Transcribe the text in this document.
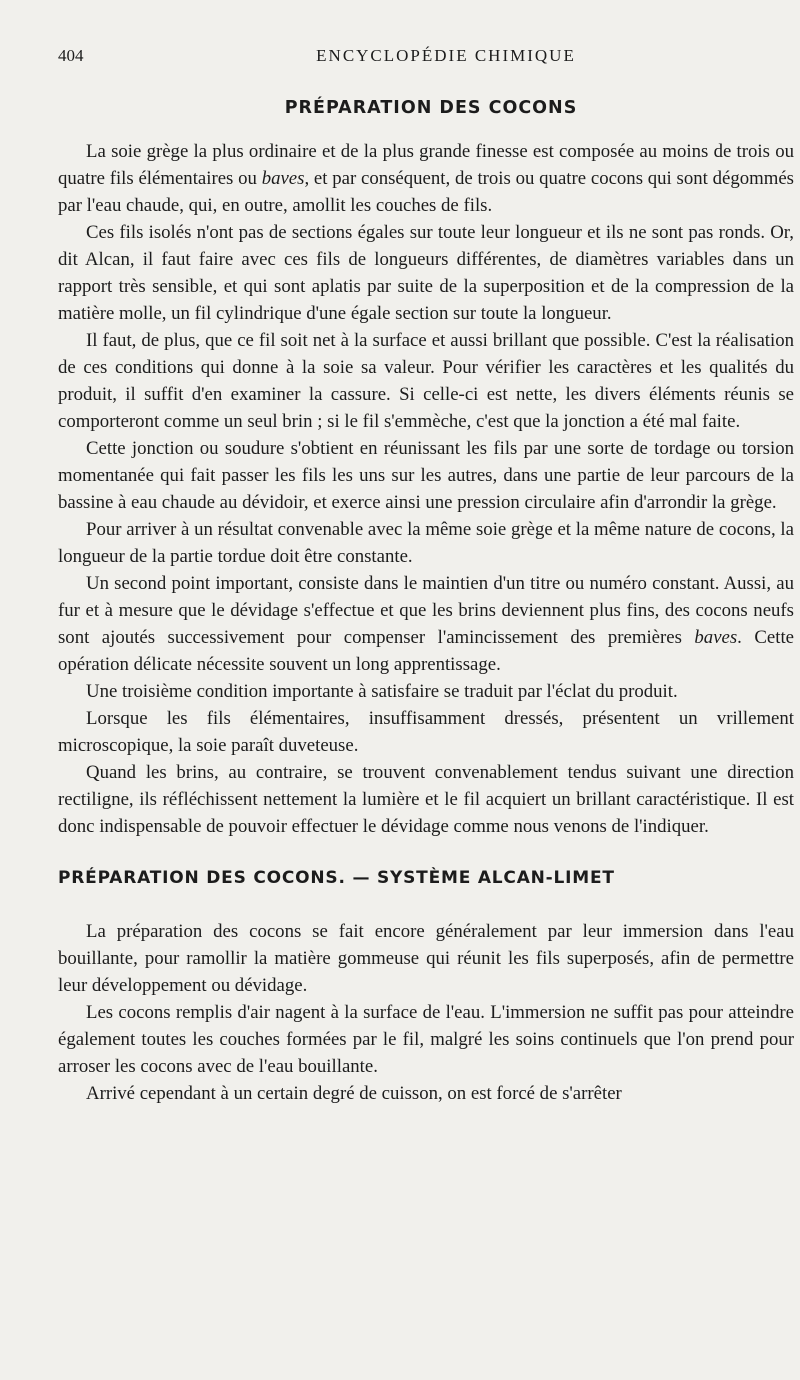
404	ENCYCLOPÉDIE CHIMIQUE
PRÉPARATION DES COCONS

La soie grège la plus ordinaire et de la plus grande finesse est composée au moins de trois ou quatre fils élémentaires ou baves, et par conséquent, de trois ou quatre cocons qui sont dégommés par l'eau chaude, qui, en outre, amollit les couches de fils.

Ces fils isolés n'ont pas de sections égales sur toute leur longueur et ils ne sont pas ronds. Or, dit Alcan, il faut faire avec ces fils de longueurs différentes, de diamètres variables dans un rapport très sensible, et qui sont aplatis par suite de la superposition et de la compression de la matière molle, un fil cylindrique d'une égale section sur toute la longueur.

Il faut, de plus, que ce fil soit net à la surface et aussi brillant que possible. C'est la réalisation de ces conditions qui donne à la soie sa valeur. Pour vérifier les caractères et les qualités du produit, il suffit d'en examiner la cassure. Si celle-ci est nette, les divers éléments réunis se comporteront comme un seul brin ; si le fil s'emmèche, c'est que la jonction a été mal faite.

Cette jonction ou soudure s'obtient en réunissant les fils par une sorte de tordage ou torsion momentanée qui fait passer les fils les uns sur les autres, dans une partie de leur parcours de la bassine à eau chaude au dévidoir, et exerce ainsi une pression circulaire afin d'arrondir la grège.

Pour arriver à un résultat convenable avec la même soie grège et la même nature de cocons, la longueur de la partie tordue doit être constante.

Un second point important, consiste dans le maintien d'un titre ou numéro constant. Aussi, au fur et à mesure que le dévidage s'effectue et que les brins deviennent plus fins, des cocons neufs sont ajoutés successivement pour compenser l'amincissement des premières baves. Cette opération délicate nécessite souvent un long apprentissage.

Une troisième condition importante à satisfaire se traduit par l'éclat du produit.

Lorsque les fils élémentaires, insuffisamment dressés, présentent un vrillement microscopique, la soie paraît duveteuse.

Quand les brins, au contraire, se trouvent convenablement tendus suivant une direction rectiligne, ils réfléchissent nettement la lumière et le fil acquiert un brillant caractéristique. Il est donc indispensable de pouvoir effectuer le dévidage comme nous venons de l'indiquer.

PRÉPARATION DES COCONS. — SYSTÈME ALCAN-LIMET

La préparation des cocons se fait encore généralement par leur immersion dans l'eau bouillante, pour ramollir la matière gommeuse qui réunit les fils superposés, afin de permettre leur développement ou dévidage.

Les cocons remplis d'air nagent à la surface de l'eau. L'immersion ne suffit pas pour atteindre également toutes les couches formées par le fil, malgré les soins continuels que l'on prend pour arroser les cocons avec de l'eau bouillante.

Arrivé cependant à un certain degré de cuisson, on est forcé de s'arrêter
